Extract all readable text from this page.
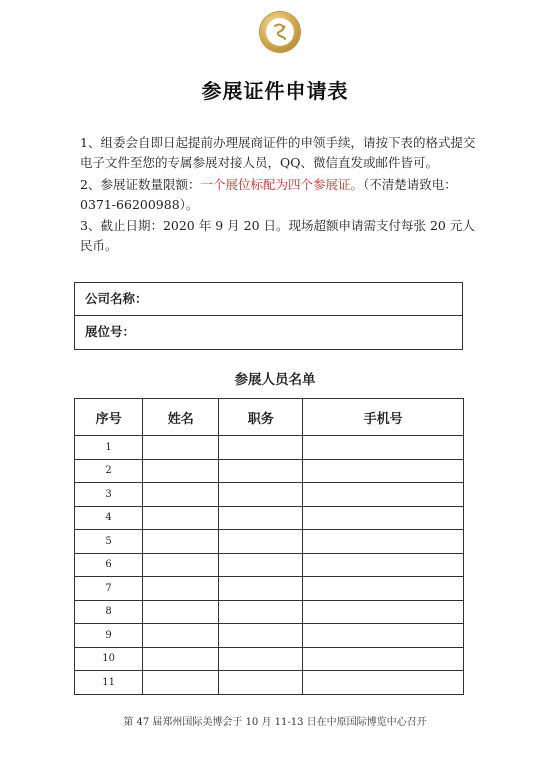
参展证件申请表
1、组委会自即日起提前办理展商证件的申领手续，请按下表的格式提交电子文件至您的专属参展对接人员，QQ、微信直发或邮件皆可。
2、参展证数量限额：一个展位标配为四个参展证。（不清楚请致电：0371-66200988）。
3、截止日期：2020 年 9 月 20 日。现场超额申请需支付每张 20 元人民币。
公司名称：
展位号：
参展人员名单
序号	姓名	职务	手机号
1			
2			
3			
4			
5			
6			
7			
8			
9			
10			
11			
第 47 届郑州国际美博会于 10 月 11-13 日在中原国际博览中心召开
